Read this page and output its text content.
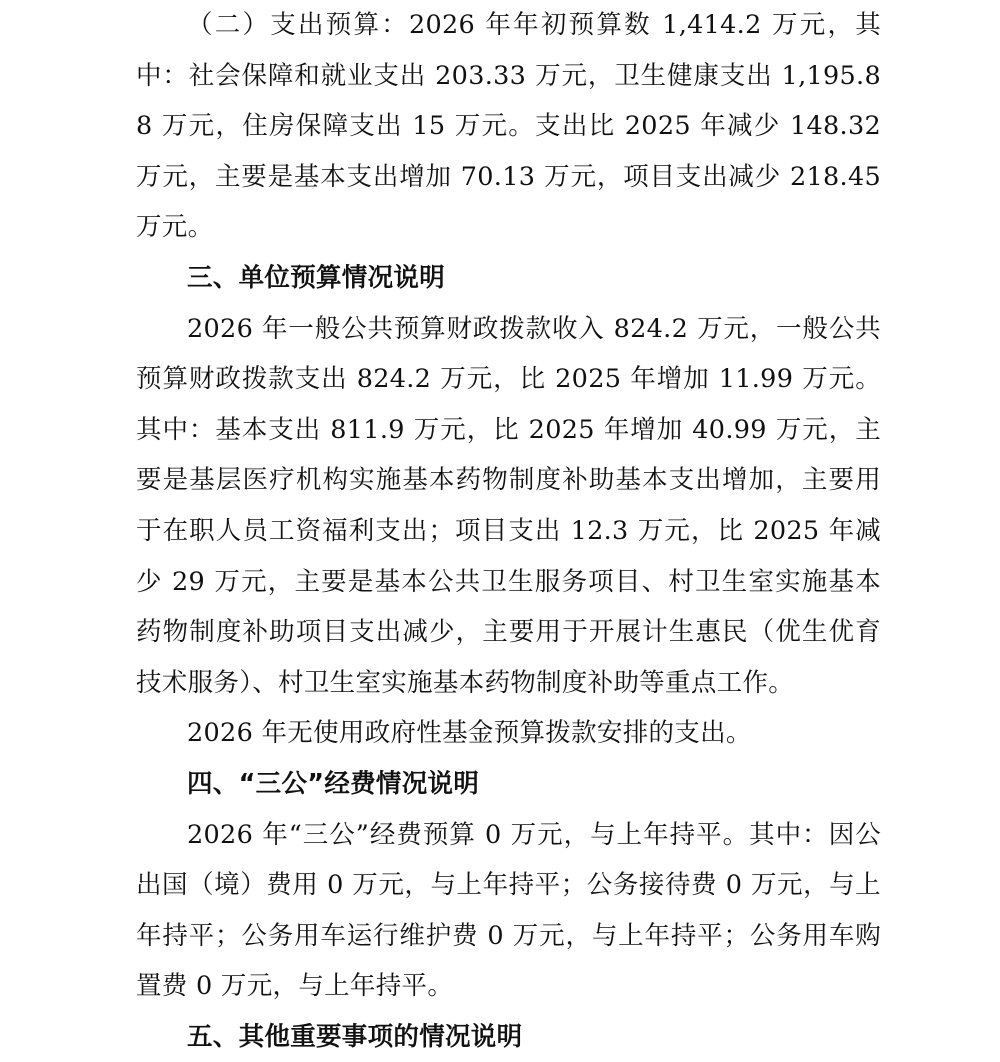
（二）支出预算：2026 年年初预算数 1,414.2 万元，其中：社会保障和就业支出 203.33 万元，卫生健康支出 1,195.88 万元，住房保障支出 15 万元。支出比 2025 年减少 148.32 万元，主要是基本支出增加 70.13 万元，项目支出减少 218.45 万元。

三、单位预算情况说明

2026 年一般公共预算财政拨款收入 824.2 万元，一般公共预算财政拨款支出 824.2 万元，比 2025 年增加 11.99 万元。其中：基本支出 811.9 万元，比 2025 年增加 40.99 万元，主要是基层医疗机构实施基本药物制度补助基本支出增加，主要用于在职人员工资福利支出；项目支出 12.3 万元，比 2025 年减少 29 万元，主要是基本公共卫生服务项目、村卫生室实施基本药物制度补助项目支出减少，主要用于开展计生惠民（优生优育技术服务）、村卫生室实施基本药物制度补助等重点工作。

2026 年无使用政府性基金预算拨款安排的支出。

四、“三公”经费情况说明

2026 年“三公”经费预算 0 万元，与上年持平。其中：因公出国（境）费用 0 万元，与上年持平；公务接待费 0 万元，与上年持平；公务用车运行维护费 0 万元，与上年持平；公务用车购置费 0 万元，与上年持平。

五、其他重要事项的情况说明
